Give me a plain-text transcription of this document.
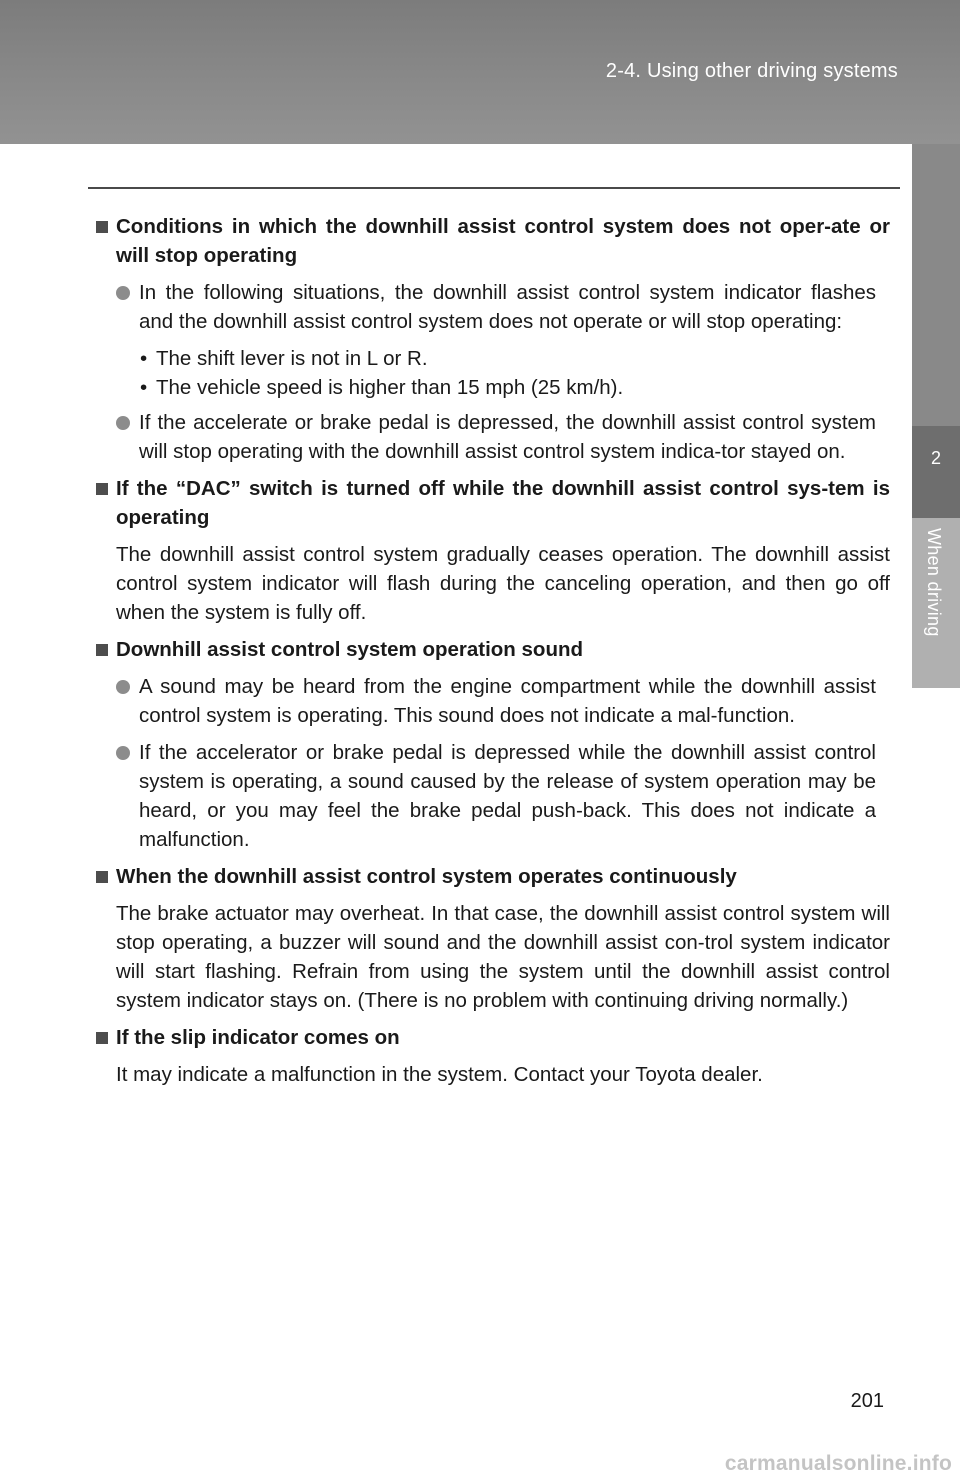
2-4. Using other driving systems
2
When driving
Conditions in which the downhill assist control system does not oper-ate or will stop operating
In the following situations, the downhill assist control system indicator flashes and the downhill assist control system does not operate or will stop operating:
• The shift lever is not in L or R.
• The vehicle speed is higher than 15 mph (25 km/h).
If the accelerate or brake pedal is depressed, the downhill assist control system will stop operating with the downhill assist control system indica-tor stayed on.
If the “DAC” switch is turned off while the downhill assist control sys-tem is operating
The downhill assist control system gradually ceases operation. The downhill assist control system indicator will flash during the canceling operation, and then go off when the system is fully off.
Downhill assist control system operation sound
A sound may be heard from the engine compartment while the downhill assist control system is operating. This sound does not indicate a mal-function.
If the accelerator or brake pedal is depressed while the downhill assist control system is operating, a sound caused by the release of system operation may be heard, or you may feel the brake pedal push-back. This does not indicate a malfunction.
When the downhill assist control system operates continuously
The brake actuator may overheat. In that case, the downhill assist control system will stop operating, a buzzer will sound and the downhill assist con-trol system indicator will start flashing. Refrain from using the system until the downhill assist control system indicator stays on. (There is no problem with continuing driving normally.)
If the slip indicator comes on
It may indicate a malfunction in the system. Contact your Toyota dealer.
201
carmanualsonline.info
